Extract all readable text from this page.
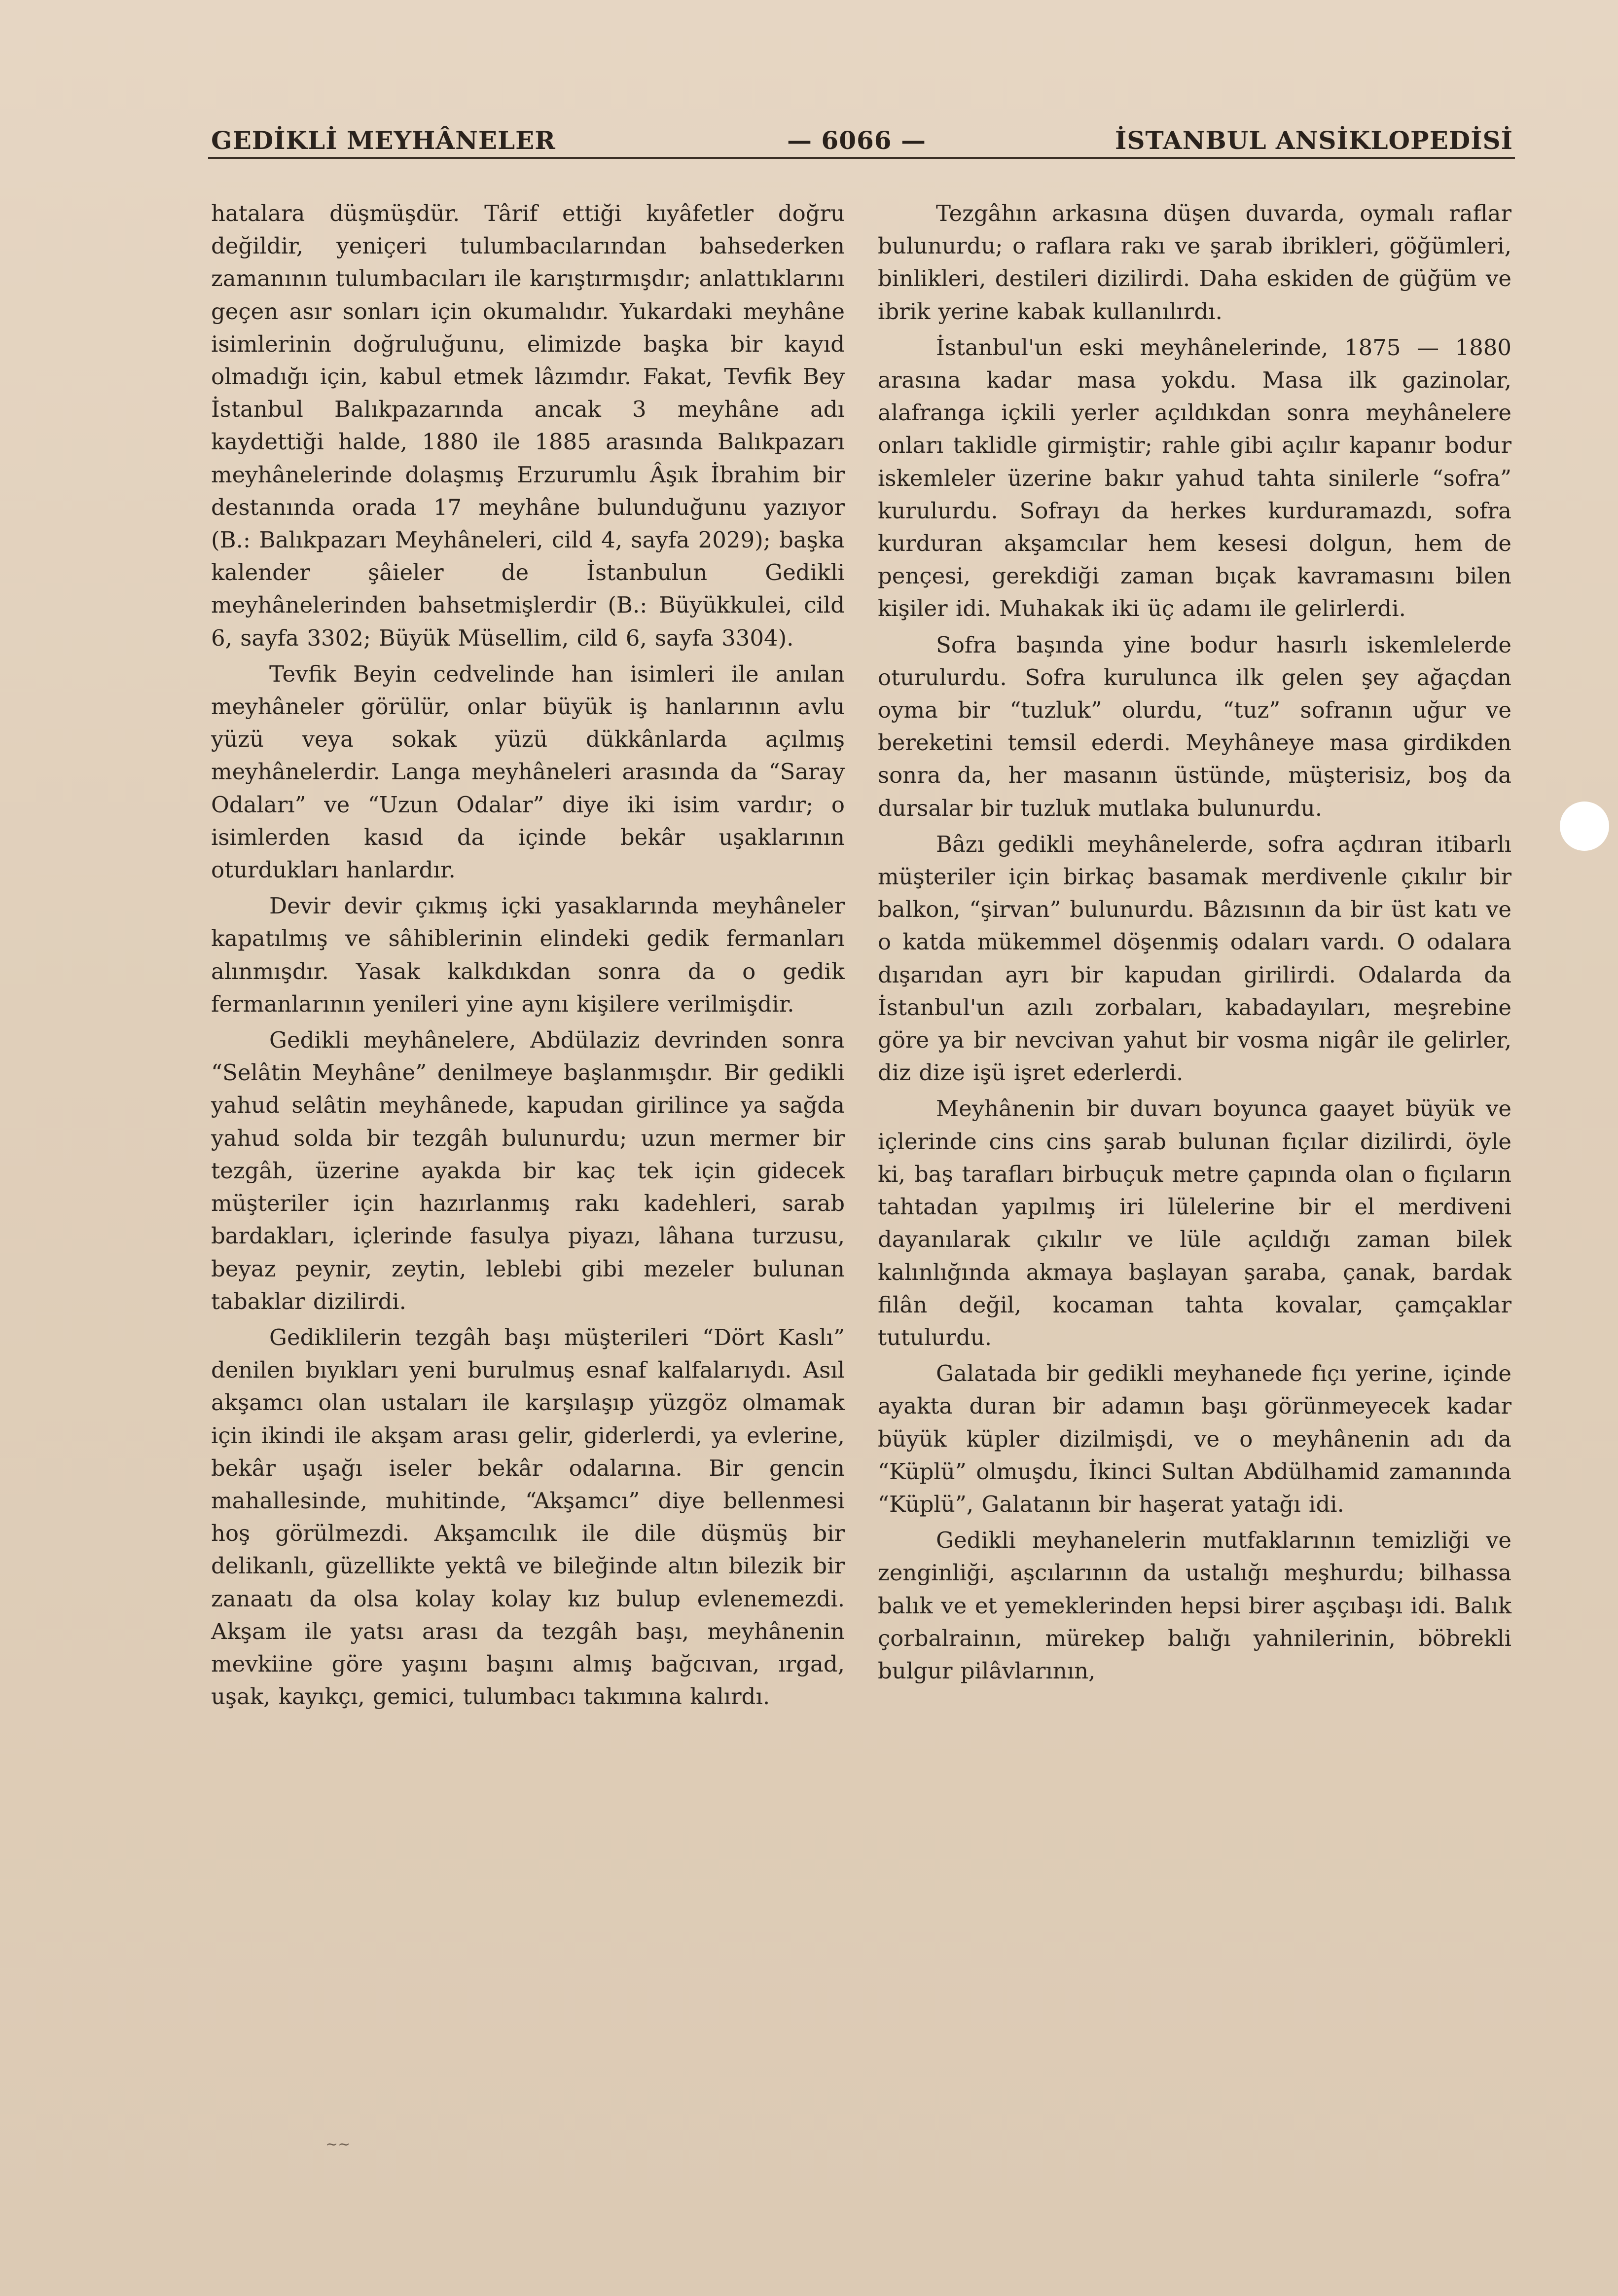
GEDİKLİ MEYHÂNELER	— 6066 —	İSTANBUL ANSİKLOPEDİSİ

hatalara düşmüşdür. Târif ettiği kıyâfetler doğru değildir, yeniçeri tulumbacılarından bahsederken zamanının tulumbacıları ile karıştırmışdır; anlattıklarını geçen asır sonları için okumalıdır. Yukardaki meyhâne isimlerinin doğruluğunu, elimizde başka bir kayıd olmadığı için, kabul etmek lâzımdır. Fakat, Tevfik Bey İstanbul Balıkpazarında ancak 3 meyhâne adı kaydettiği halde, 1880 ile 1885 arasında Balıkpazarı meyhânelerinde dolaşmış Erzurumlu Âşık İbrahim bir destanında orada 17 meyhâne bulunduğunu yazıyor (B.: Balıkpazarı Meyhâneleri, cild 4, sayfa 2029); başka kalender şâieler de İstanbulun Gedikli meyhânelerinden bahsetmişlerdir (B.: Büyükkulei, cild 6, sayfa 3302; Büyük Müsellim, cild 6, sayfa 3304).

Tevfik Beyin cedvelinde han isimleri ile anılan meyhâneler görülür, onlar büyük iş hanlarının avlu yüzü veya sokak yüzü dükkânlarda açılmış meyhânelerdir. Langa meyhâneleri arasında da “Saray Odaları” ve “Uzun Odalar” diye iki isim vardır; o isimlerden kasıd da içinde bekâr uşaklarının oturdukları hanlardır.

Devir devir çıkmış içki yasaklarında meyhâneler kapatılmış ve sâhiblerinin elindeki gedik fermanları alınmışdır. Yasak kalkdıkdan sonra da o gedik fermanlarının yenileri yine aynı kişilere verilmişdir.

Gedikli meyhânelere, Abdülaziz devrinden sonra “Selâtin Meyhâne” denilmeye başlanmışdır. Bir gedikli yahud selâtin meyhânede, kapudan girilince ya sağda yahud solda bir tezgâh bulunurdu; uzun mermer bir tezgâh, üzerine ayakda bir kaç tek için gidecek müşteriler için hazırlanmış rakı kadehleri, sarab bardakları, içlerinde fasulya piyazı, lâhana turzusu, beyaz peynir, zeytin, leblebi gibi mezeler bulunan tabaklar dizilirdi.

Gediklilerin tezgâh başı müşterileri “Dört Kaslı” denilen bıyıkları yeni burulmuş esnaf kalfalarıydı. Asıl akşamcı olan ustaları ile karşılaşıp yüzgöz olmamak için ikindi ile akşam arası gelir, giderlerdi, ya evlerine, bekâr uşağı iseler bekâr odalarına. Bir gencin mahallesinde, muhitinde, “Akşamcı” diye bellenmesi hoş görülmezdi. Akşamcılık ile dile düşmüş bir delikanlı, güzellikte yektâ ve bileğinde altın bilezik bir zanaatı da olsa kolay kolay kız bulup evlenemezdi. Akşam ile yatsı arası da tezgâh başı, meyhânenin mevkiine göre yaşını başını almış bağcıvan, ırgad, uşak, kayıkçı, gemici, tulumbacı takımına kalırdı.

Tezgâhın arkasına düşen duvarda, oymalı raflar bulunurdu; o raflara rakı ve şarab ibrikleri, göğümleri, binlikleri, destileri dizilirdi. Daha eskiden de güğüm ve ibrik yerine kabak kullanılırdı.

İstanbul'un eski meyhânelerinde, 1875 — 1880 arasına kadar masa yokdu. Masa ilk gazinolar, alafranga içkili yerler açıldıkdan sonra meyhânelere onları taklidle girmiştir; rahle gibi açılır kapanır bodur iskemleler üzerine bakır yahud tahta sinilerle “sofra” kurulurdu. Sofrayı da herkes kurduramazdı, sofra kurduran akşamcılar hem kesesi dolgun, hem de pençesi, gerekdiği zaman bıçak kavramasını bilen kişiler idi. Muhakak iki üç adamı ile gelirlerdi.

Sofra başında yine bodur hasırlı iskemlelerde oturulurdu. Sofra kurulunca ilk gelen şey ağaçdan oyma bir “tuzluk” olurdu, “tuz” sofranın uğur ve bereketini temsil ederdi. Meyhâneye masa girdikden sonra da, her masanın üstünde, müşterisiz, boş da dursalar bir tuzluk mutlaka bulunurdu.

Bâzı gedikli meyhânelerde, sofra açdıran itibarlı müşteriler için birkaç basamak merdivenle çıkılır bir balkon, “şirvan” bulunurdu. Bâzısının da bir üst katı ve o katda mükemmel döşenmiş odaları vardı. O odalara dışarıdan ayrı bir kapudan girilirdi. Odalarda da İstanbul'un azılı zorbaları, kabadayıları, meşrebine göre ya bir nevcivan yahut bir vosma nigâr ile gelirler, diz dize işü işret ederlerdi.

Meyhânenin bir duvarı boyunca gaayet büyük ve içlerinde cins cins şarab bulunan fıçılar dizilirdi, öyle ki, baş tarafları birbuçuk metre çapında olan o fıçıların tahtadan yapılmış iri lülelerine bir el merdiveni dayanılarak çıkılır ve lüle açıldığı zaman bilek kalınlığında akmaya başlayan şaraba, çanak, bardak filân değil, kocaman tahta kovalar, çamçaklar tutulurdu.

Galatada bir gedikli meyhanede fıçı yerine, içinde ayakta duran bir adamın başı görünmeyecek kadar büyük küpler dizilmişdi, ve o meyhânenin adı da “Küplü” olmuşdu, İkinci Sultan Abdülhamid zamanında “Küplü”, Galatanın bir haşerat yatağı idi.

Gedikli meyhanelerin mutfaklarının temizliği ve zenginliği, aşcılarının da ustalığı meşhurdu; bilhassa balık ve et yemeklerinden hepsi birer aşçıbaşı idi. Balık çorbalrainın, mürekep balığı yahnilerinin, böbrekli bulgur pilâvlarının,

~~
